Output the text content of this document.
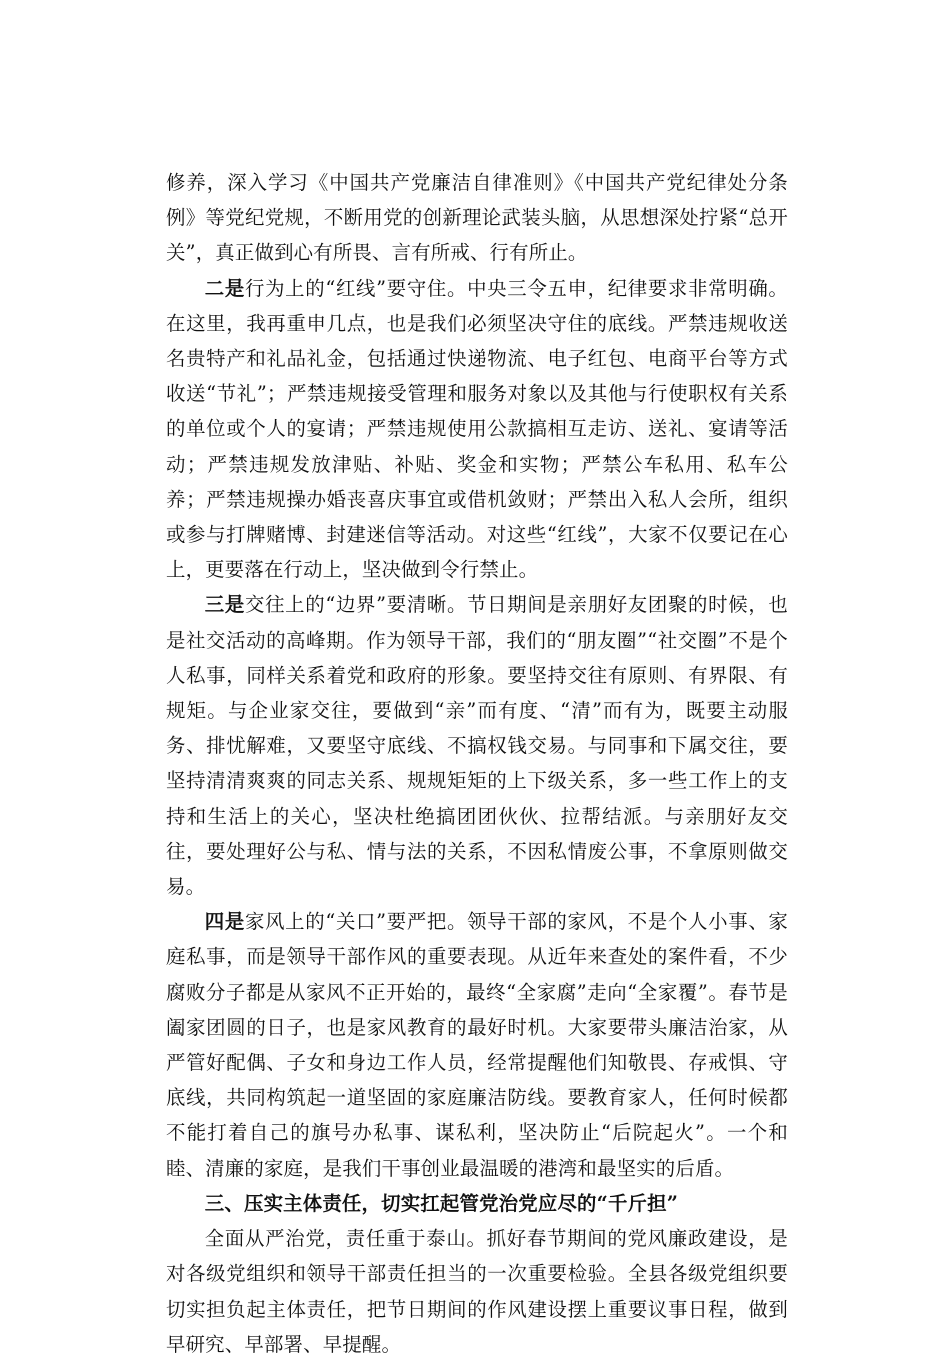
修养，深入学习《中国共产党廉洁自律准则》《中国共产党纪律处分条例》等党纪党规，不断用党的创新理论武装头脑，从思想深处拧紧“总开关”，真正做到心有所畏、言有所戒、行有所止。

二是行为上的“红线”要守住。中央三令五申，纪律要求非常明确。在这里，我再重申几点，也是我们必须坚决守住的底线。严禁违规收送名贵特产和礼品礼金，包括通过快递物流、电子红包、电商平台等方式收送“节礼”；严禁违规接受管理和服务对象以及其他与行使职权有关系的单位或个人的宴请；严禁违规使用公款搞相互走访、送礼、宴请等活动；严禁违规发放津贴、补贴、奖金和实物；严禁公车私用、私车公养；严禁违规操办婚丧喜庆事宜或借机敛财；严禁出入私人会所，组织或参与打牌赌博、封建迷信等活动。对这些“红线”，大家不仅要记在心上，更要落在行动上，坚决做到令行禁止。

三是交往上的“边界”要清晰。节日期间是亲朋好友团聚的时候，也是社交活动的高峰期。作为领导干部，我们的“朋友圈”“社交圈”不是个人私事，同样关系着党和政府的形象。要坚持交往有原则、有界限、有规矩。与企业家交往，要做到“亲”而有度、“清”而有为，既要主动服务、排忧解难，又要坚守底线、不搞权钱交易。与同事和下属交往，要坚持清清爽爽的同志关系、规规矩矩的上下级关系，多一些工作上的支持和生活上的关心，坚决杜绝搞团团伙伙、拉帮结派。与亲朋好友交往，要处理好公与私、情与法的关系，不因私情废公事，不拿原则做交易。

四是家风上的“关口”要严把。领导干部的家风，不是个人小事、家庭私事，而是领导干部作风的重要表现。从近年来查处的案件看，不少腐败分子都是从家风不正开始的，最终“全家腐”走向“全家覆”。春节是阖家团圆的日子，也是家风教育的最好时机。大家要带头廉洁治家，从严管好配偶、子女和身边工作人员，经常提醒他们知敬畏、存戒惧、守底线，共同构筑起一道坚固的家庭廉洁防线。要教育家人，任何时候都不能打着自己的旗号办私事、谋私利，坚决防止“后院起火”。一个和睦、清廉的家庭，是我们干事创业最温暖的港湾和最坚实的后盾。

三、压实主体责任，切实扛起管党治党应尽的“千斤担”

全面从严治党，责任重于泰山。抓好春节期间的党风廉政建设，是对各级党组织和领导干部责任担当的一次重要检验。全县各级党组织要切实担负起主体责任，把节日期间的作风建设摆上重要议事日程，做到早研究、早部署、早提醒。
